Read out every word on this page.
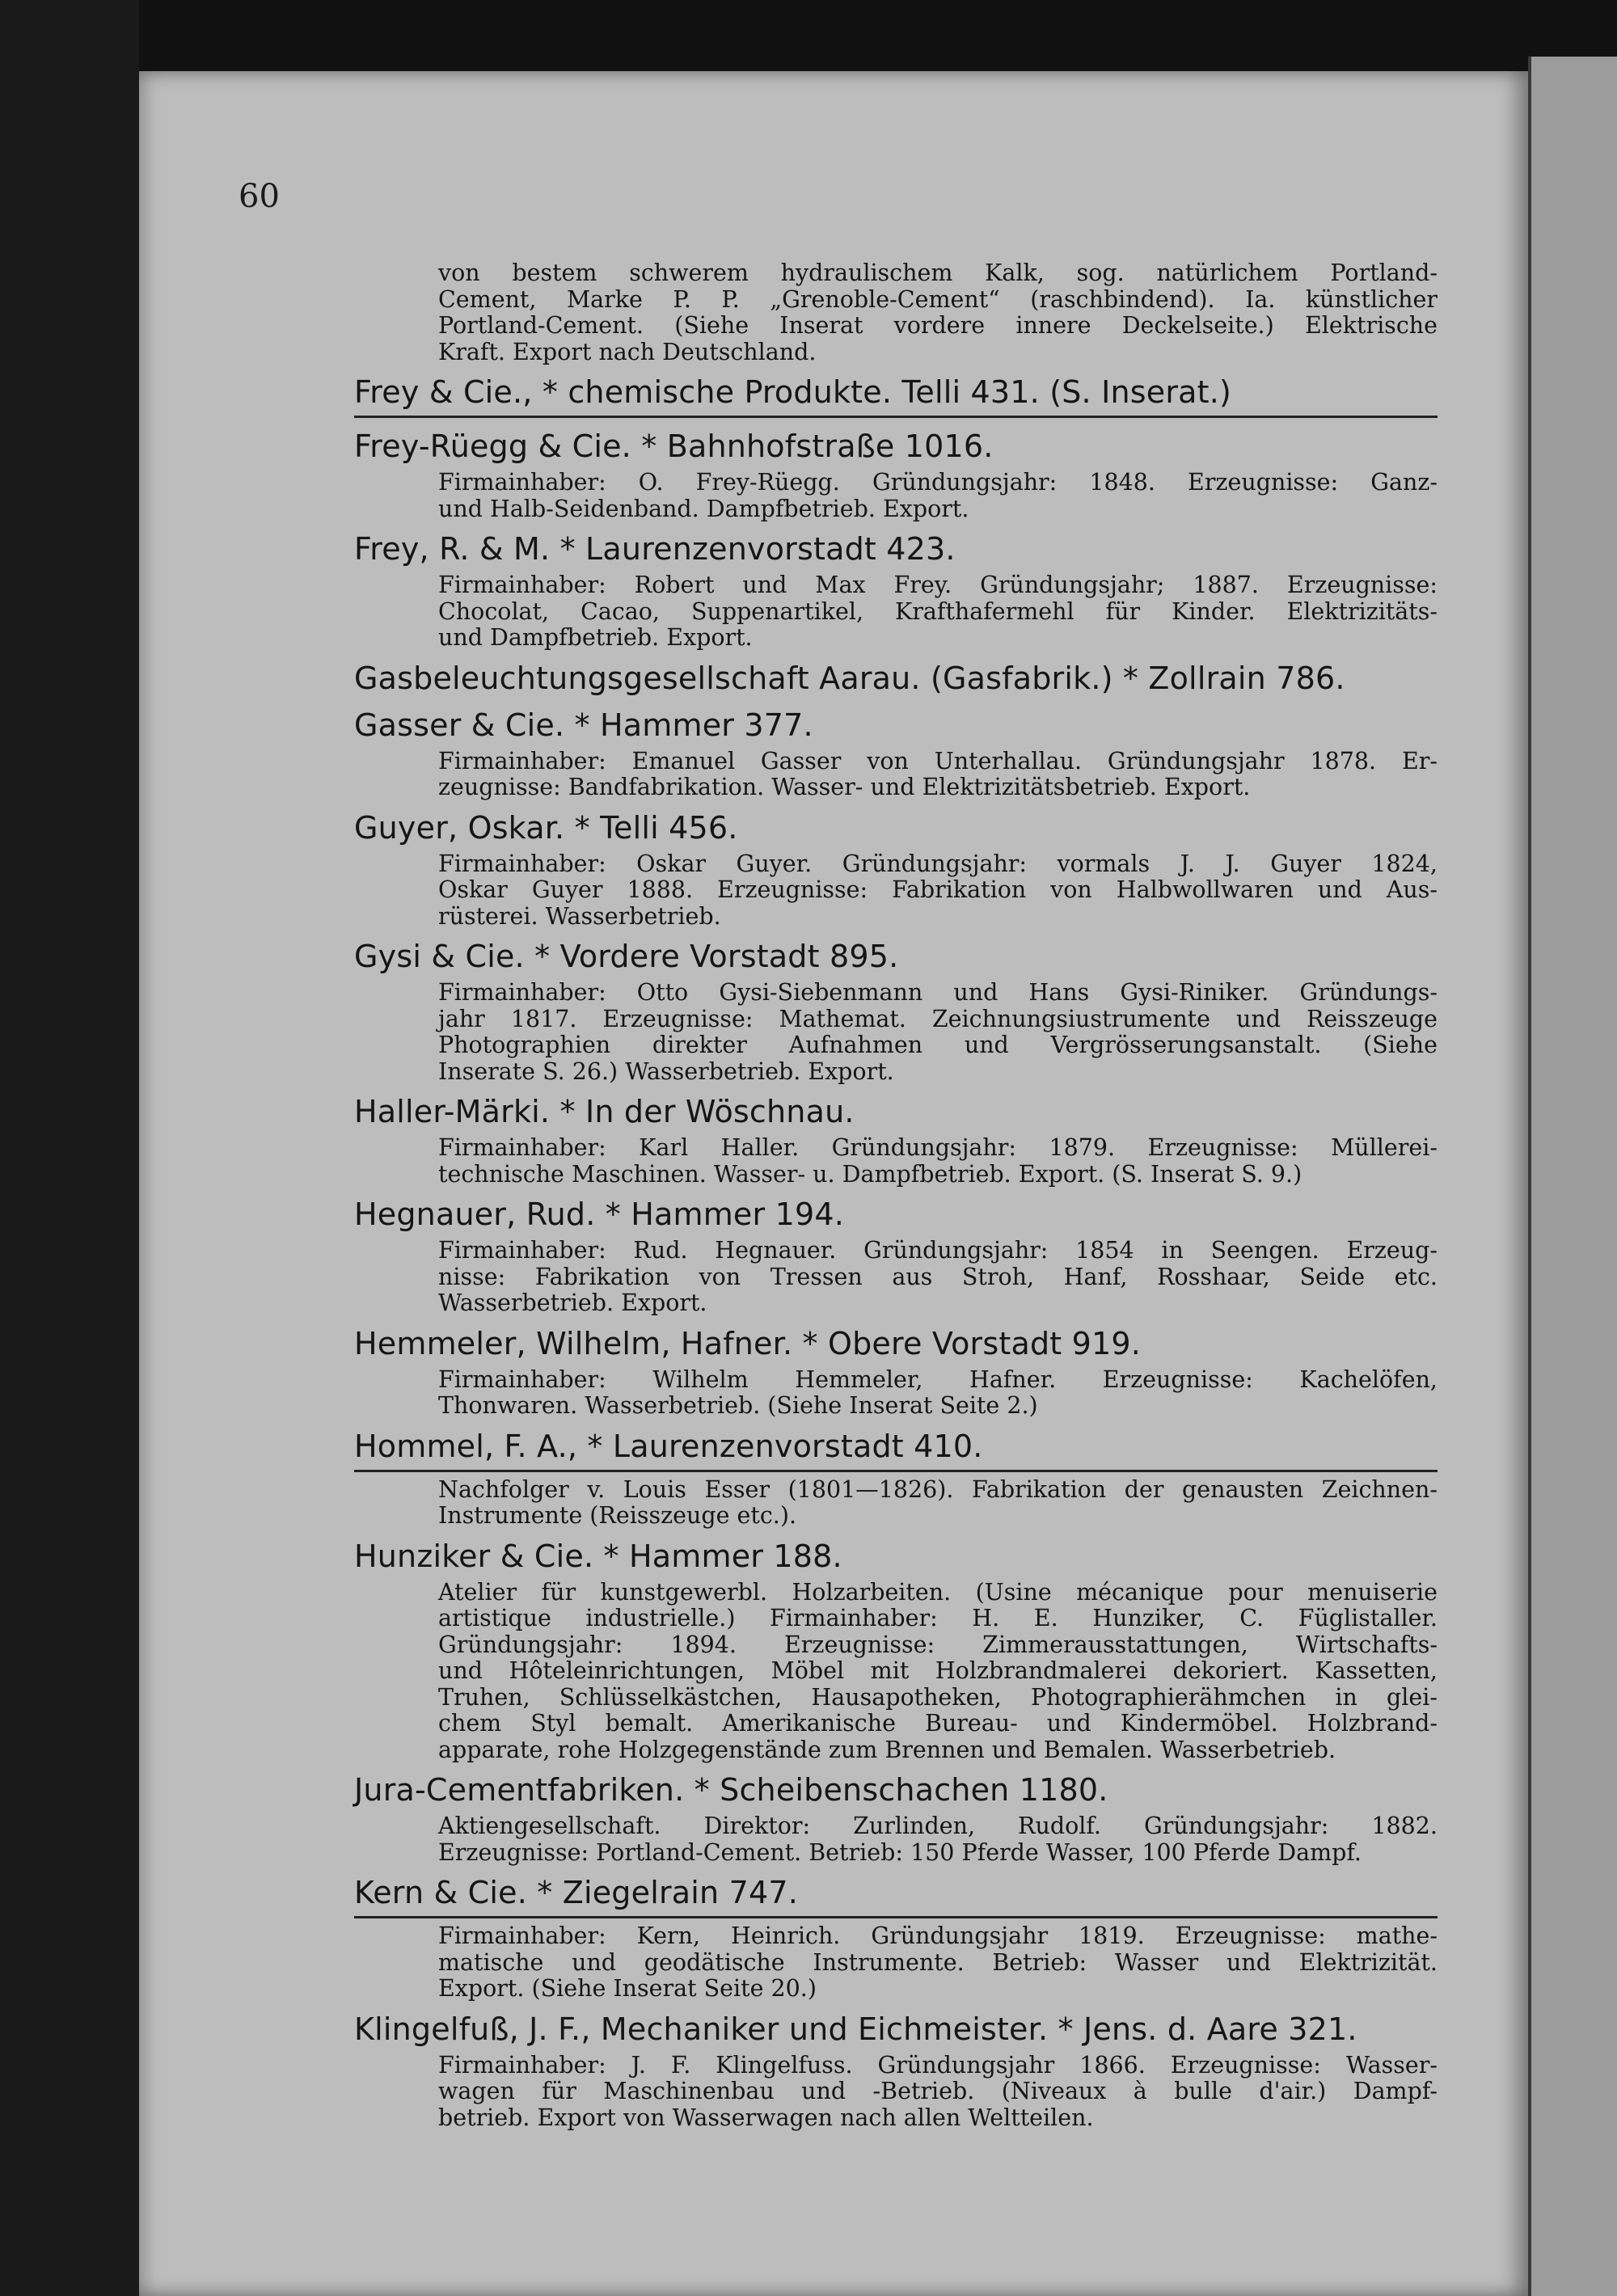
60
von bestem schwerem hydraulischem Kalk, sog. natürlichem Portland-
Cement, Marke P. P. „Grenoble-Cement“ (raschbindend). Ia. künstlicher
Portland-Cement. (Siehe Inserat vordere innere Deckelseite.) Elektrische
Kraft. Export nach Deutschland.
Frey & Cie., * chemische Produkte. Telli 431. (S. Inserat.)
Frey-Rüegg & Cie. * Bahnhofstraße 1016.
Firmainhaber: O. Frey-Rüegg. Gründungsjahr: 1848. Erzeugnisse: Ganz-
und Halb-Seidenband. Dampfbetrieb. Export.
Frey, R. & M. * Laurenzenvorstadt 423.
Firmainhaber: Robert und Max Frey. Gründungsjahr; 1887. Erzeugnisse:
Chocolat, Cacao, Suppenartikel, Krafthafermehl für Kinder. Elektrizitäts-
und Dampfbetrieb. Export.
Gasbeleuchtungsgesellschaft Aarau. (Gasfabrik.) * Zollrain 786.
Gasser & Cie. * Hammer 377.
Firmainhaber: Emanuel Gasser von Unterhallau. Gründungsjahr 1878. Er-
zeugnisse: Bandfabrikation. Wasser- und Elektrizitätsbetrieb. Export.
Guyer, Oskar. * Telli 456.
Firmainhaber: Oskar Guyer. Gründungsjahr: vormals J. J. Guyer 1824,
Oskar Guyer 1888. Erzeugnisse: Fabrikation von Halbwollwaren und Aus-
rüsterei. Wasserbetrieb.
Gysi & Cie. * Vordere Vorstadt 895.
Firmainhaber: Otto Gysi-Siebenmann und Hans Gysi-Riniker. Gründungs-
jahr 1817. Erzeugnisse: Mathemat. Zeichnungsiustrumente und Reisszeuge
Photographien direkter Aufnahmen und Vergrösserungsanstalt. (Siehe
Inserate S. 26.) Wasserbetrieb. Export.
Haller-Märki. * In der Wöschnau.
Firmainhaber: Karl Haller. Gründungsjahr: 1879. Erzeugnisse: Müllerei-
technische Maschinen. Wasser- u. Dampfbetrieb. Export. (S. Inserat S. 9.)
Hegnauer, Rud. * Hammer 194.
Firmainhaber: Rud. Hegnauer. Gründungsjahr: 1854 in Seengen. Erzeug-
nisse: Fabrikation von Tressen aus Stroh, Hanf, Rosshaar, Seide etc.
Wasserbetrieb. Export.
Hemmeler, Wilhelm, Hafner. * Obere Vorstadt 919.
Firmainhaber: Wilhelm Hemmeler, Hafner. Erzeugnisse: Kachelöfen,
Thonwaren. Wasserbetrieb. (Siehe Inserat Seite 2.)
Hommel, F. A., * Laurenzenvorstadt 410.
Nachfolger v. Louis Esser (1801—1826). Fabrikation der genausten Zeichnen-
Instrumente (Reisszeuge etc.).
Hunziker & Cie. * Hammer 188.
Atelier für kunstgewerbl. Holzarbeiten. (Usine mécanique pour menuiserie
artistique industrielle.) Firmainhaber: H. E. Hunziker, C. Füglistaller.
Gründungsjahr: 1894. Erzeugnisse: Zimmerausstattungen, Wirtschafts-
und Hôteleinrichtungen, Möbel mit Holzbrandmalerei dekoriert. Kassetten,
Truhen, Schlüsselkästchen, Hausapotheken, Photographierähmchen in glei-
chem Styl bemalt. Amerikanische Bureau- und Kindermöbel. Holzbrand-
apparate, rohe Holzgegenstände zum Brennen und Bemalen. Wasserbetrieb.
Jura-Cementfabriken. * Scheibenschachen 1180.
Aktiengesellschaft. Direktor: Zurlinden, Rudolf. Gründungsjahr: 1882.
Erzeugnisse: Portland-Cement. Betrieb: 150 Pferde Wasser, 100 Pferde Dampf.
Kern & Cie. * Ziegelrain 747.
Firmainhaber: Kern, Heinrich. Gründungsjahr 1819. Erzeugnisse: mathe-
matische und geodätische Instrumente. Betrieb: Wasser und Elektrizität.
Export. (Siehe Inserat Seite 20.)
Klingelfuß, J. F., Mechaniker und Eichmeister. * Jens. d. Aare 321.
Firmainhaber: J. F. Klingelfuss. Gründungsjahr 1866. Erzeugnisse: Wasser-
wagen für Maschinenbau und -Betrieb. (Niveaux à bulle d'air.) Dampf-
betrieb. Export von Wasserwagen nach allen Weltteilen.
